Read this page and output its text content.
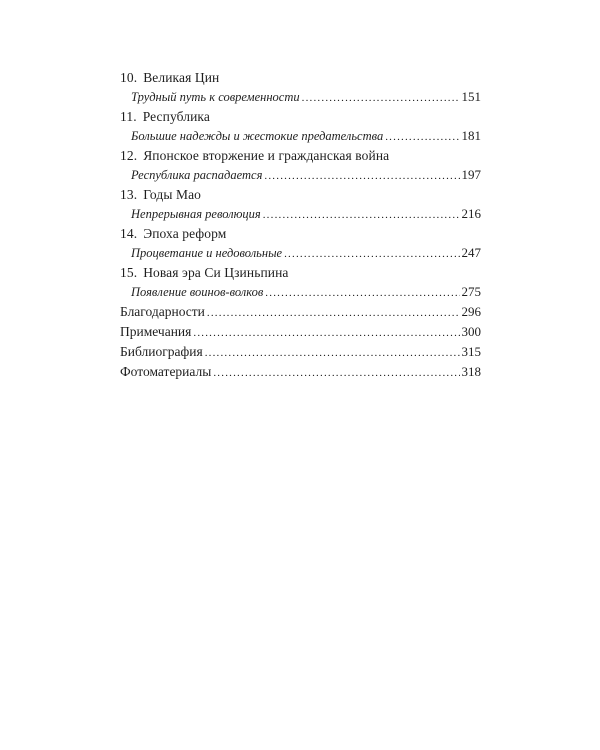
10. Великая Цин
Трудный путь к современности .....	151
11. Республика
Большие надежды и жестокие предательства .....	181
12. Японское вторжение и гражданская война
Республика распадается .....	197
13. Годы Мао
Непрерывная революция .....	216
14. Эпоха реформ
Процветание и недовольные .....	247
15. Новая эра Си Цзиньпина
Появление воинов-волков .....	275
Благодарности .....	296
Примечания .....	300
Библиография .....	315
Фотоматериалы .....	318
